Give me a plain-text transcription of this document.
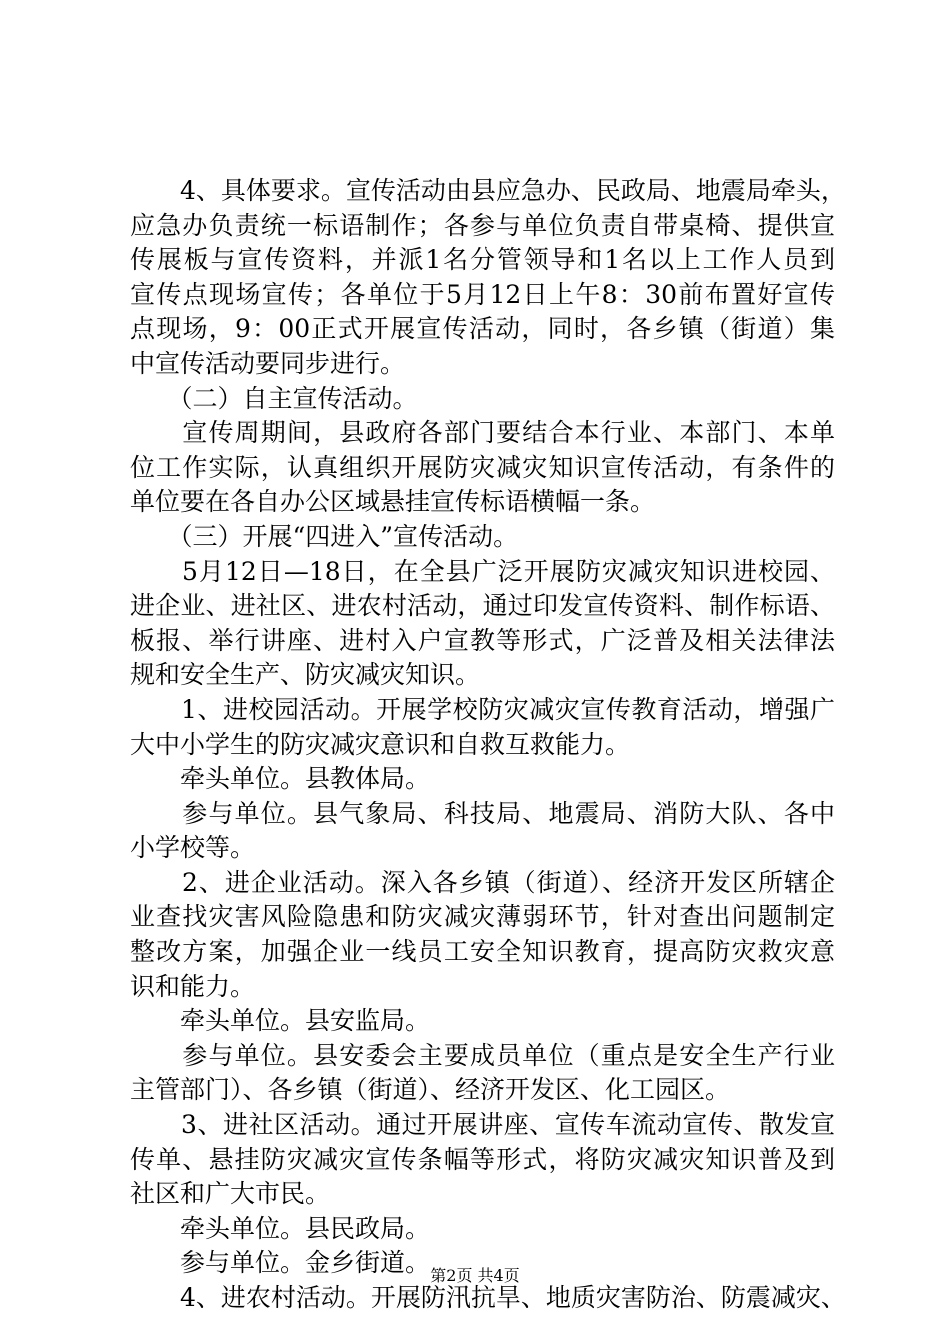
　　4、具体要求。宣传活动由县应急办、民政局、地震局牵头，
应急办负责统一标语制作；各参与单位负责自带桌椅、提供宣
传展板与宣传资料，并派1名分管领导和1名以上工作人员到
宣传点现场宣传；各单位于5月12日上午8：30前布置好宣传
点现场，9：00正式开展宣传活动，同时，各乡镇（街道）集
中宣传活动要同步进行。
　　（二）自主宣传活动。
　　宣传周期间，县政府各部门要结合本行业、本部门、本单
位工作实际，认真组织开展防灾减灾知识宣传活动，有条件的
单位要在各自办公区域悬挂宣传标语横幅一条。
　　（三）开展“四进入”宣传活动。
　　5月12日—18日，在全县广泛开展防灾减灾知识进校园、
进企业、进社区、进农村活动，通过印发宣传资料、制作标语、
板报、举行讲座、进村入户宣教等形式，广泛普及相关法律法
规和安全生产、防灾减灾知识。
　　1、进校园活动。开展学校防灾减灾宣传教育活动，增强广
大中小学生的防灾减灾意识和自救互救能力。
　　牵头单位。县教体局。
　　参与单位。县气象局、科技局、地震局、消防大队、各中
小学校等。
　　2、进企业活动。深入各乡镇（街道）、经济开发区所辖企
业查找灾害风险隐患和防灾减灾薄弱环节，针对查出问题制定
整改方案，加强企业一线员工安全知识教育，提高防灾救灾意
识和能力。
　　牵头单位。县安监局。
　　参与单位。县安委会主要成员单位（重点是安全生产行业
主管部门）、各乡镇（街道）、经济开发区、化工园区。
　　3、进社区活动。通过开展讲座、宣传车流动宣传、散发宣
传单、悬挂防灾减灾宣传条幅等形式，将防灾减灾知识普及到
社区和广大市民。
　　牵头单位。县民政局。
　　参与单位。金乡街道。
　　4、进农村活动。开展防汛抗旱、地质灾害防治、防震减灾、
第2页 共4页
